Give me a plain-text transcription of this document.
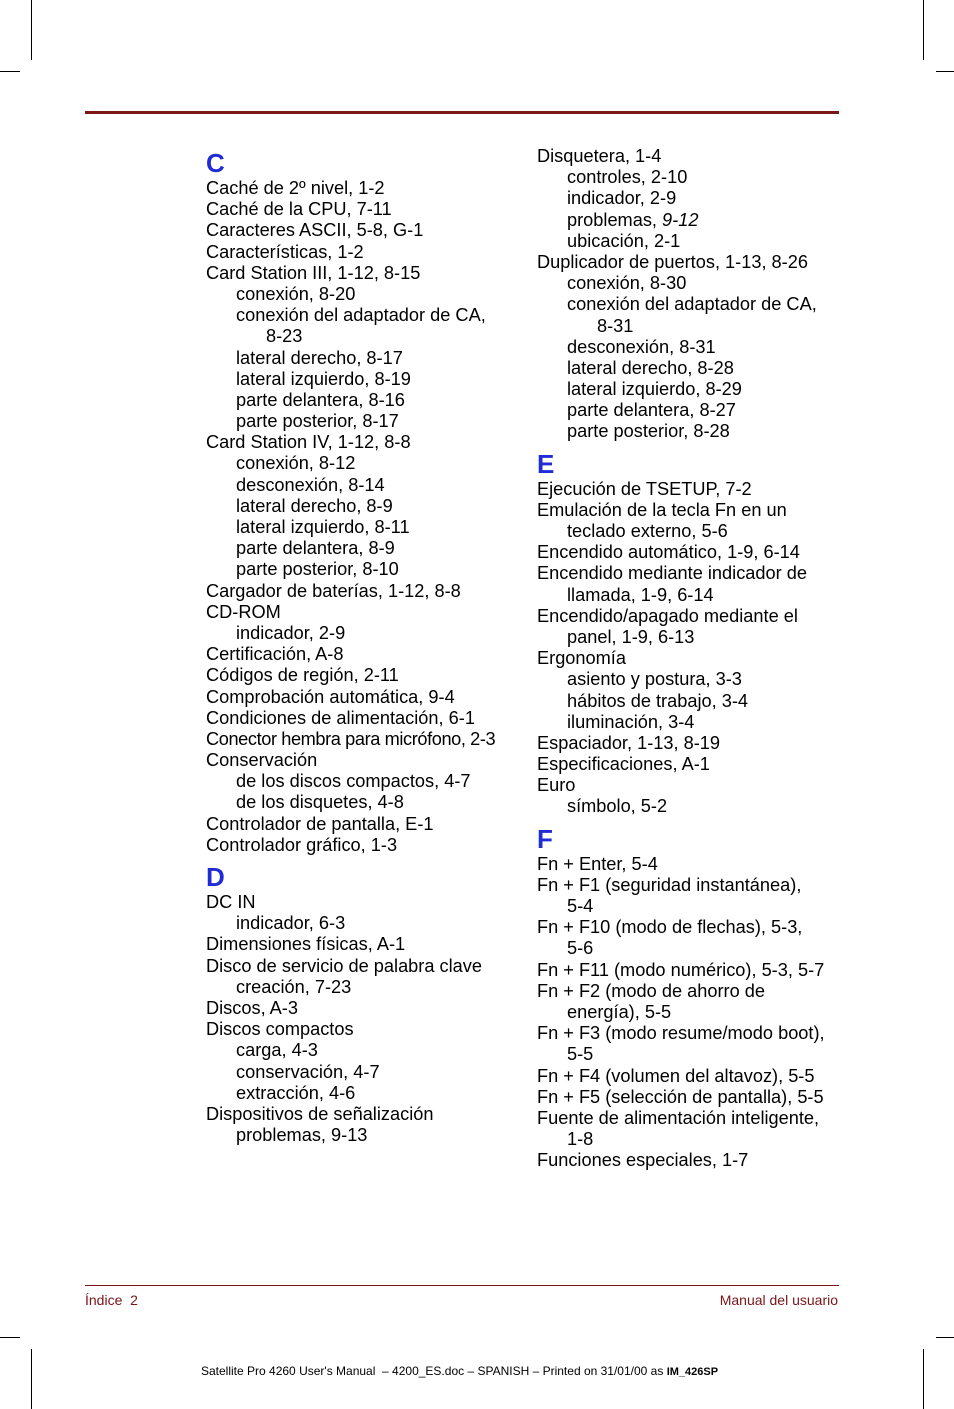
C
Caché de 2º nivel, 1-2
Caché de la CPU, 7-11
Caracteres ASCII, 5-8, G-1
Características, 1-2
Card Station III, 1-12, 8-15
conexión, 8-20
conexión del adaptador de CA,
8-23
lateral derecho, 8-17
lateral izquierdo, 8-19
parte delantera, 8-16
parte posterior, 8-17
Card Station IV, 1-12, 8-8
conexión, 8-12
desconexión, 8-14
lateral derecho, 8-9
lateral izquierdo, 8-11
parte delantera, 8-9
parte posterior, 8-10
Cargador de baterías, 1-12, 8-8
CD-ROM
indicador, 2-9
Certificación, A-8
Códigos de región, 2-11
Comprobación automática, 9-4
Condiciones de alimentación, 6-1
Conector hembra para micrófono, 2-3
Conservación
de los discos compactos, 4-7
de los disquetes, 4-8
Controlador de pantalla, E-1
Controlador gráfico, 1-3
D
DC IN
indicador, 6-3
Dimensiones físicas, A-1
Disco de servicio de palabra clave
creación, 7-23
Discos, A-3
Discos compactos
carga, 4-3
conservación, 4-7
extracción, 4-6
Dispositivos de señalización
problemas, 9-13
Disquetera, 1-4
controles, 2-10
indicador, 2-9
problemas, 9-12
ubicación, 2-1
Duplicador de puertos, 1-13, 8-26
conexión, 8-30
conexión del adaptador de CA,
8-31
desconexión, 8-31
lateral derecho, 8-28
lateral izquierdo, 8-29
parte delantera, 8-27
parte posterior, 8-28
E
Ejecución de TSETUP, 7-2
Emulación de la tecla Fn en un
teclado externo, 5-6
Encendido automático, 1-9, 6-14
Encendido mediante indicador de
llamada, 1-9, 6-14
Encendido/apagado mediante el
panel, 1-9, 6-13
Ergonomía
asiento y postura, 3-3
hábitos de trabajo, 3-4
iluminación, 3-4
Espaciador, 1-13, 8-19
Especificaciones, A-1
Euro
símbolo, 5-2
F
Fn + Enter, 5-4
Fn + F1 (seguridad instantánea),
5-4
Fn + F10 (modo de flechas), 5-3,
5-6
Fn + F11 (modo numérico), 5-3, 5-7
Fn + F2 (modo de ahorro de
energía), 5-5
Fn + F3 (modo resume/modo boot),
5-5
Fn + F4 (volumen del altavoz), 5-5
Fn + F5 (selección de pantalla), 5-5
Fuente de alimentación inteligente,
1-8
Funciones especiales, 1-7
Índice  2	Manual del usuario
Satellite Pro 4260 User's Manual  – 4200_ES.doc – SPANISH – Printed on 31/01/00 as IM_426SP
